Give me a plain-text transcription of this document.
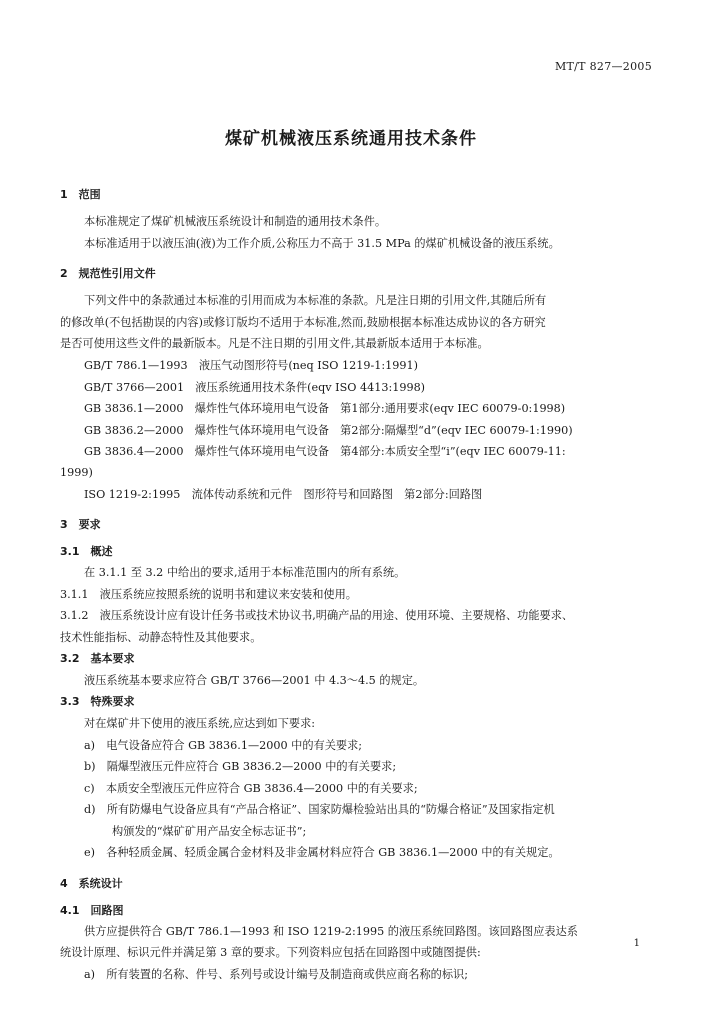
MT/T 827—2005
煤矿机械液压系统通用技术条件
1　范围
本标准规定了煤矿机械液压系统设计和制造的通用技术条件。
本标准适用于以液压油(液)为工作介质,公称压力不高于 31.5 MPa 的煤矿机械设备的液压系统。
2　规范性引用文件
下列文件中的条款通过本标准的引用而成为本标准的条款。凡是注日期的引用文件,其随后所有
的修改单(不包括勘误的内容)或修订版均不适用于本标准,然而,鼓励根据本标准达成协议的各方研究
是否可使用这些文件的最新版本。凡是不注日期的引用文件,其最新版本适用于本标准。
GB/T 786.1—1993　液压气动图形符号(neq ISO 1219-1:1991)
GB/T 3766—2001　液压系统通用技术条件(eqv ISO 4413:1998)
GB 3836.1—2000　爆炸性气体环境用电气设备　第1部分:通用要求(eqv IEC 60079-0:1998)
GB 3836.2—2000　爆炸性气体环境用电气设备　第2部分:隔爆型“d”(eqv IEC 60079-1:1990)
GB 3836.4—2000　爆炸性气体环境用电气设备　第4部分:本质安全型“i”(eqv IEC 60079-11:
1999)
ISO 1219-2:1995　流体传动系统和元件　图形符号和回路图　第2部分:回路图
3　要求
3.1　概述
在 3.1.1 至 3.2 中给出的要求,适用于本标准范围内的所有系统。
3.1.1　液压系统应按照系统的说明书和建议来安装和使用。
3.1.2　液压系统设计应有设计任务书或技术协议书,明确产品的用途、使用环境、主要规格、功能要求、
技术性能指标、动静态特性及其他要求。
3.2　基本要求
液压系统基本要求应符合 GB/T 3766—2001 中 4.3～4.5 的规定。
3.3　特殊要求
对在煤矿井下使用的液压系统,应达到如下要求:
a)　电气设备应符合 GB 3836.1—2000 中的有关要求;
b)　隔爆型液压元件应符合 GB 3836.2—2000 中的有关要求;
c)　本质安全型液压元件应符合 GB 3836.4—2000 中的有关要求;
d)　所有防爆电气设备应具有“产品合格证”、国家防爆检验站出具的“防爆合格证”及国家指定机
构颁发的“煤矿矿用产品安全标志证书”;
e)　各种轻质金属、轻质金属合金材料及非金属材料应符合 GB 3836.1—2000 中的有关规定。
4　系统设计
4.1　回路图
供方应提供符合 GB/T 786.1—1993 和 ISO 1219-2:1995 的液压系统回路图。该回路图应表达系
统设计原理、标识元件并满足第 3 章的要求。下列资料应包括在回路图中或随图提供:
a)　所有装置的名称、件号、系列号或设计编号及制造商或供应商名称的标识;
1
